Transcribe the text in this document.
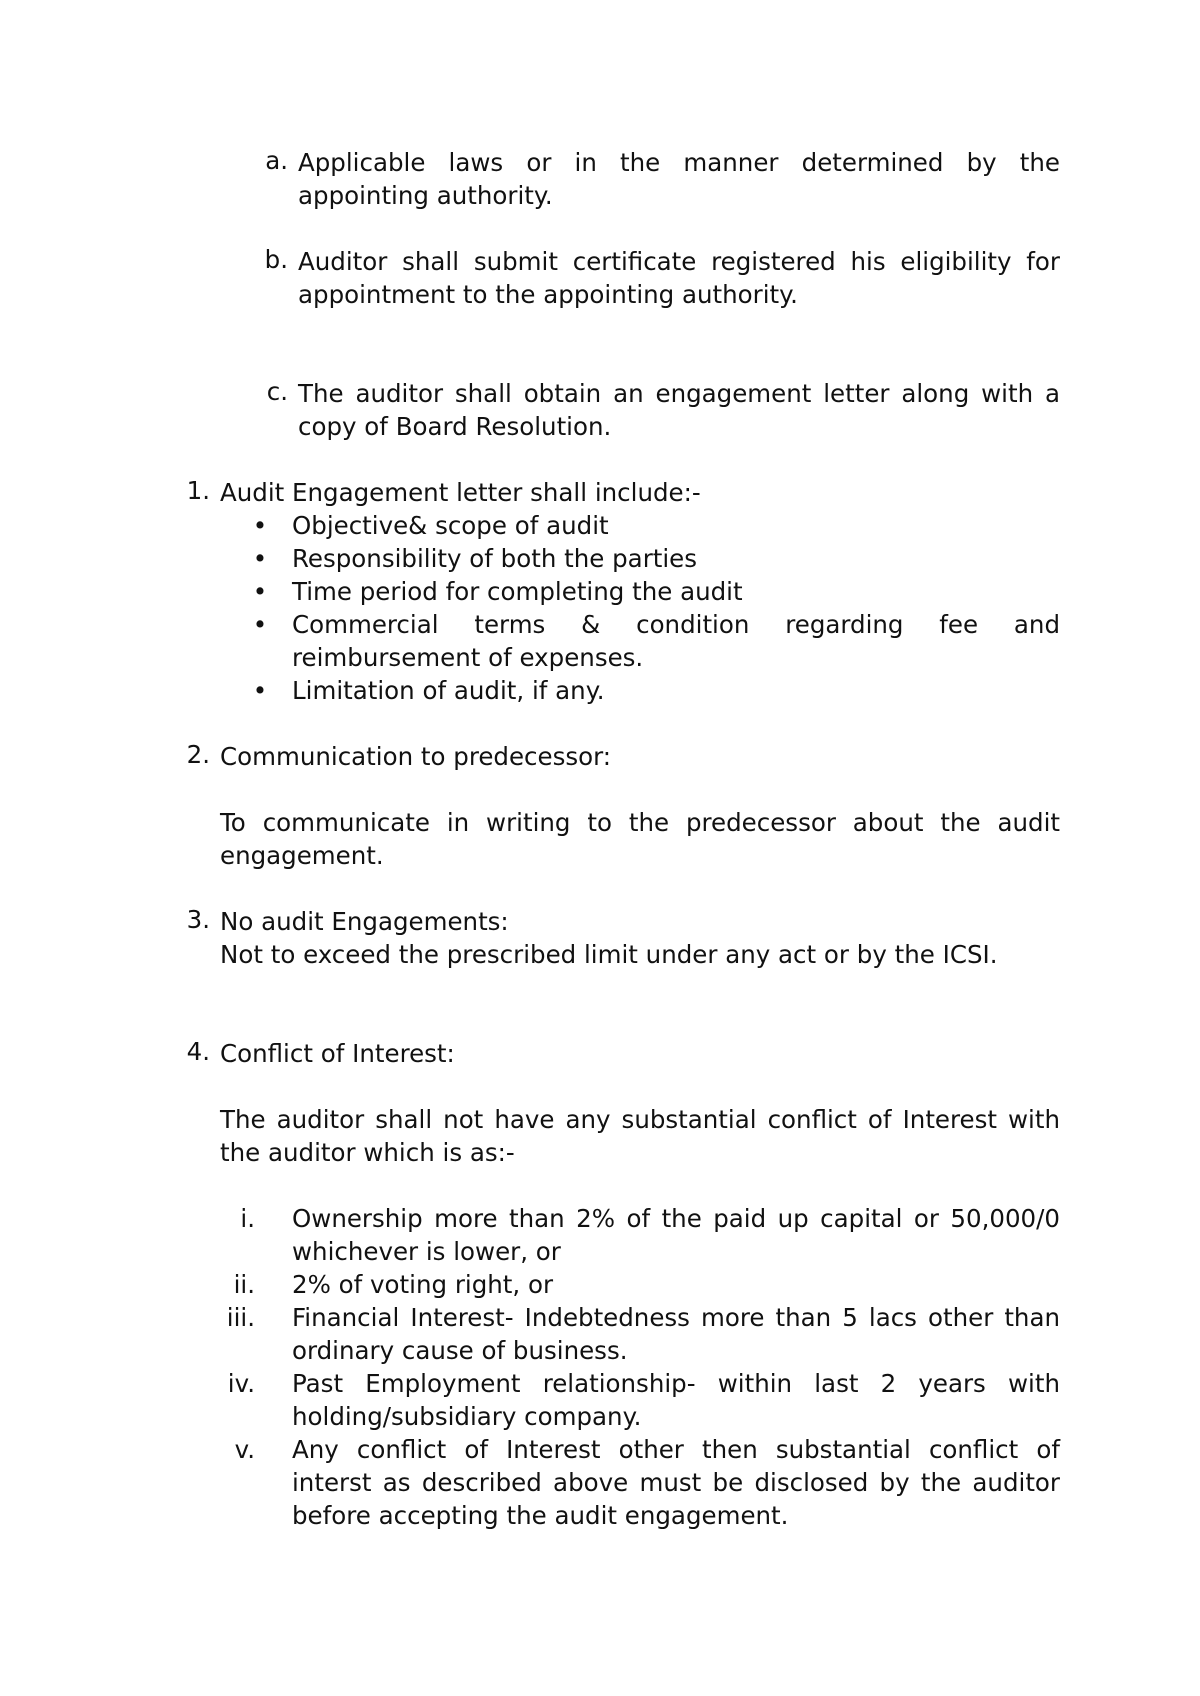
a. Applicable laws or in the manner determined by the appointing authority.
b. Auditor shall submit certificate registered his eligibility for appointment to the appointing authority.
c. The auditor shall obtain an engagement letter along with a copy of Board Resolution.
1. Audit Engagement letter shall include:-
• Objective& scope of audit
• Responsibility of both the parties
• Time period for completing the audit
• Commercial terms & condition regarding fee and reimbursement of expenses.
• Limitation of audit, if any.
2. Communication to predecessor:
To communicate in writing to the predecessor about the audit engagement.
3. No audit Engagements:
Not to exceed the prescribed limit under any act or by the ICSI.
4. Conflict of Interest:
The auditor shall not have any substantial conflict of Interest with the auditor which is as:-
i. Ownership more than 2% of the paid up capital or 50,000/0 whichever is lower, or
ii. 2% of voting right, or
iii. Financial Interest- Indebtedness more than 5 lacs other than ordinary cause of business.
iv. Past Employment relationship- within last 2 years with holding/subsidiary company.
v. Any conflict of Interest other then substantial conflict of interst as described above must be disclosed by the auditor before accepting the audit engagement.
